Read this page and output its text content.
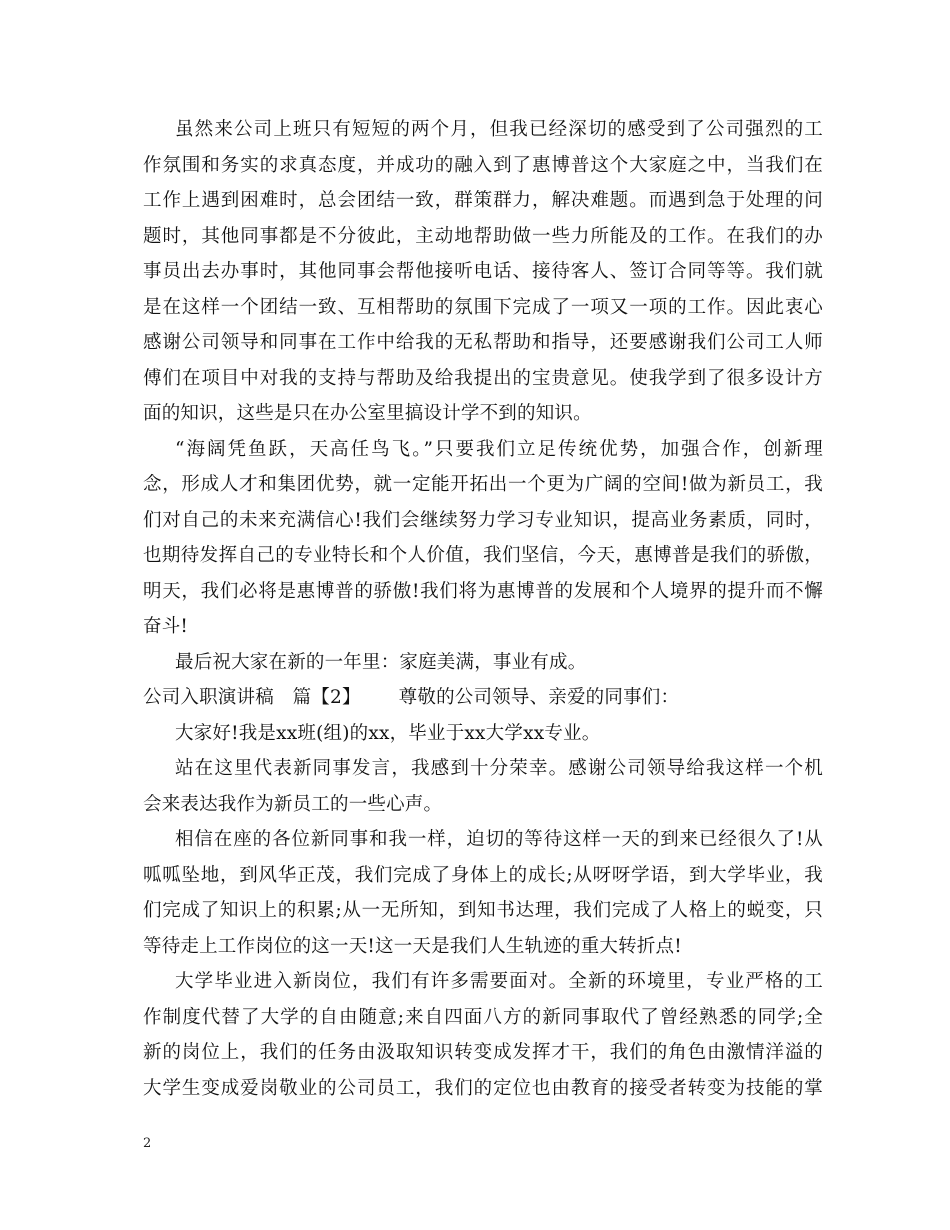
虽然来公司上班只有短短的两个月，但我已经深切的感受到了公司强烈的工
作氛围和务实的求真态度，并成功的融入到了惠博普这个大家庭之中，当我们在
工作上遇到困难时，总会团结一致，群策群力，解决难题。而遇到急于处理的问
题时，其他同事都是不分彼此，主动地帮助做一些力所能及的工作。在我们的办
事员出去办事时，其他同事会帮他接听电话、接待客人、签订合同等等。我们就
是在这样一个团结一致、互相帮助的氛围下完成了一项又一项的工作。因此衷心
感谢公司领导和同事在工作中给我的无私帮助和指导，还要感谢我们公司工人师
傅们在项目中对我的支持与帮助及给我提出的宝贵意见。使我学到了很多设计方
面的知识，这些是只在办公室里搞设计学不到的知识。
“海阔凭鱼跃，天高任鸟飞。”只要我们立足传统优势，加强合作，创新理
念，形成人才和集团优势，就一定能开拓出一个更为广阔的空间!做为新员工，我
们对自己的未来充满信心!我们会继续努力学习专业知识，提高业务素质，同时，
也期待发挥自己的专业特长和个人价值，我们坚信，今天，惠博普是我们的骄傲，
明天，我们必将是惠博普的骄傲!我们将为惠博普的发展和个人境界的提升而不懈
奋斗!
最后祝大家在新的一年里：家庭美满，事业有成。
公司入职演讲稿　篇【2】 尊敬的公司领导、亲爱的同事们：
大家好!我是xx班(组)的xx，毕业于xx大学xx专业。
站在这里代表新同事发言，我感到十分荣幸。感谢公司领导给我这样一个机
会来表达我作为新员工的一些心声。
相信在座的各位新同事和我一样，迫切的等待这样一天的到来已经很久了!从
呱呱坠地，到风华正茂，我们完成了身体上的成长;从呀呀学语，到大学毕业，我
们完成了知识上的积累;从一无所知，到知书达理，我们完成了人格上的蜕变，只
等待走上工作岗位的这一天!这一天是我们人生轨迹的重大转折点!
大学毕业进入新岗位，我们有许多需要面对。全新的环境里，专业严格的工
作制度代替了大学的自由随意;来自四面八方的新同事取代了曾经熟悉的同学;全
新的岗位上，我们的任务由汲取知识转变成发挥才干，我们的角色由激情洋溢的
大学生变成爱岗敬业的公司员工，我们的定位也由教育的接受者转变为技能的掌
2
